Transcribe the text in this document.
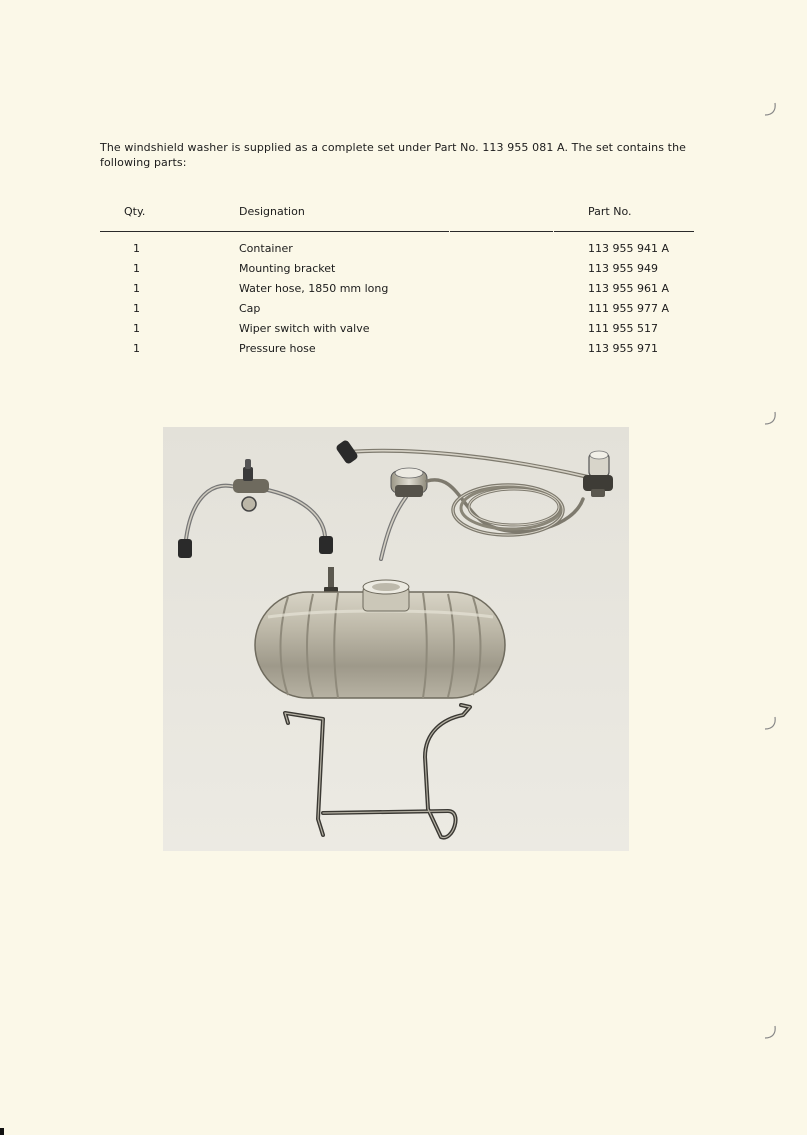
The windshield washer is supplied as a complete set under Part No. 113 955 081 A. The set contains the following parts:
Qty.	Designation	Part No.
1	Container	113 955 941 A
1	Mounting bracket	113 955 949
1	Water hose, 1850 mm long	113 955 961 A
1	Cap	111 955 977 A
1	Wiper switch with valve	111 955 517
1	Pressure hose	113 955 971
